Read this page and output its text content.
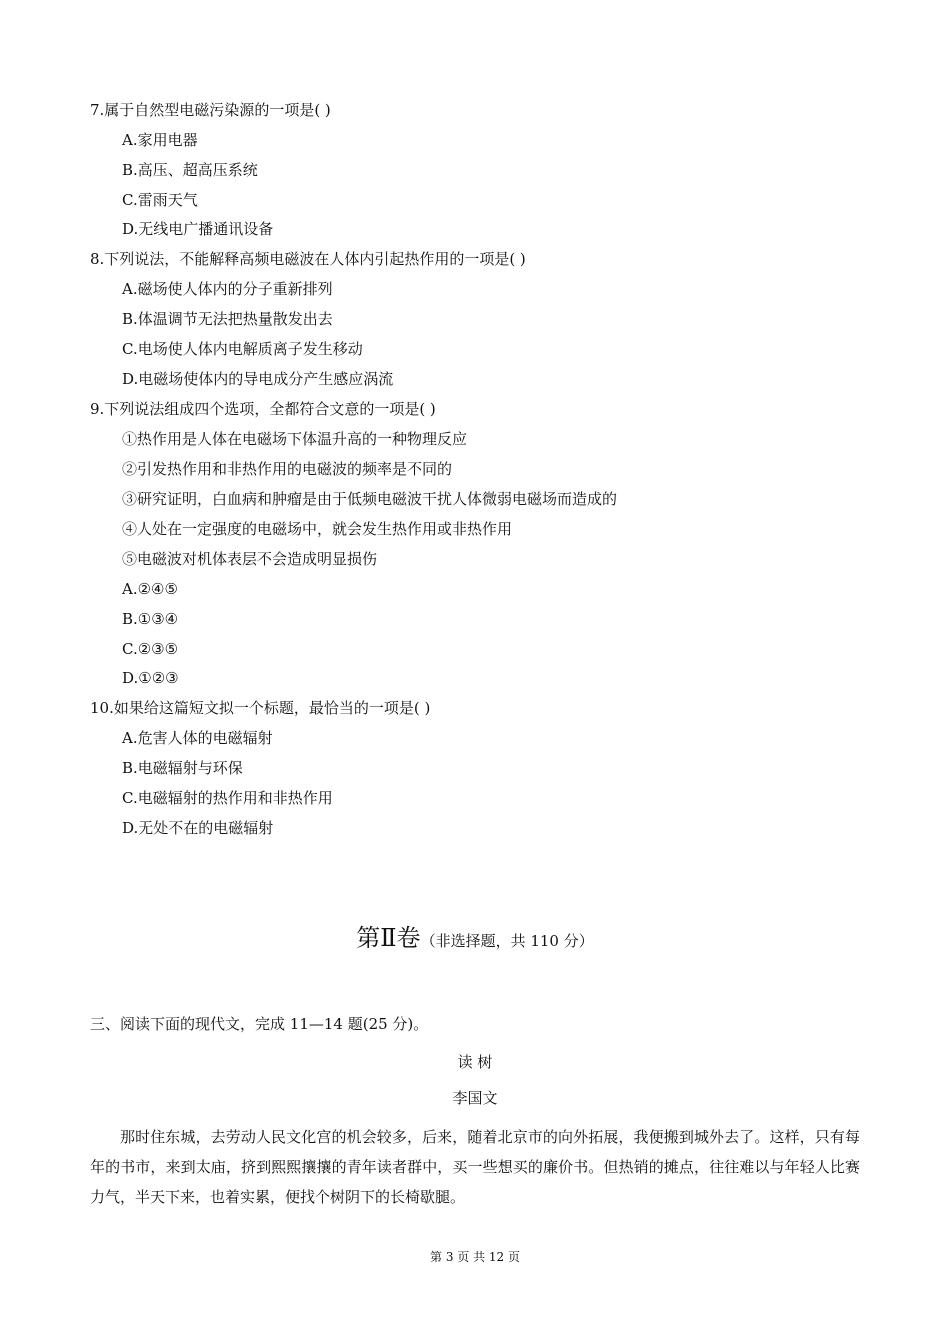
7.属于自然型电磁污染源的一项是( )
A.家用电器
B.高压、超高压系统
C.雷雨天气
D.无线电广播通讯设备
8.下列说法，不能解释高频电磁波在人体内引起热作用的一项是( )
A.磁场使人体内的分子重新排列
B.体温调节无法把热量散发出去
C.电场使人体内电解质离子发生移动
D.电磁场使体内的导电成分产生感应涡流
9.下列说法组成四个选项，全都符合文意的一项是( )
①热作用是人体在电磁场下体温升高的一种物理反应
②引发热作用和非热作用的电磁波的频率是不同的
③研究证明，白血病和肿瘤是由于低频电磁波干扰人体微弱电磁场而造成的
④人处在一定强度的电磁场中，就会发生热作用或非热作用
⑤电磁波对机体表层不会造成明显损伤
A.②④⑤
B.①③④
C.②③⑤
D.①②③
10.如果给这篇短文拟一个标题，最恰当的一项是( )
A.危害人体的电磁辐射
B.电磁辐射与环保
C.电磁辐射的热作用和非热作用
D.无处不在的电磁辐射
第Ⅱ卷（非选择题，共 110 分）
三、阅读下面的现代文，完成 11—14 题(25 分)。
读 树
李国文
那时住东城，去劳动人民文化宫的机会较多，后来，随着北京市的向外拓展，我便搬到城外去了。这样，只有每年的书市，来到太庙，挤到熙熙攘攘的青年读者群中，买一些想买的廉价书。但热销的摊点，往往难以与年轻人比赛力气，半天下来，也着实累，便找个树阴下的长椅歇腿。
第 3 页 共 12 页
